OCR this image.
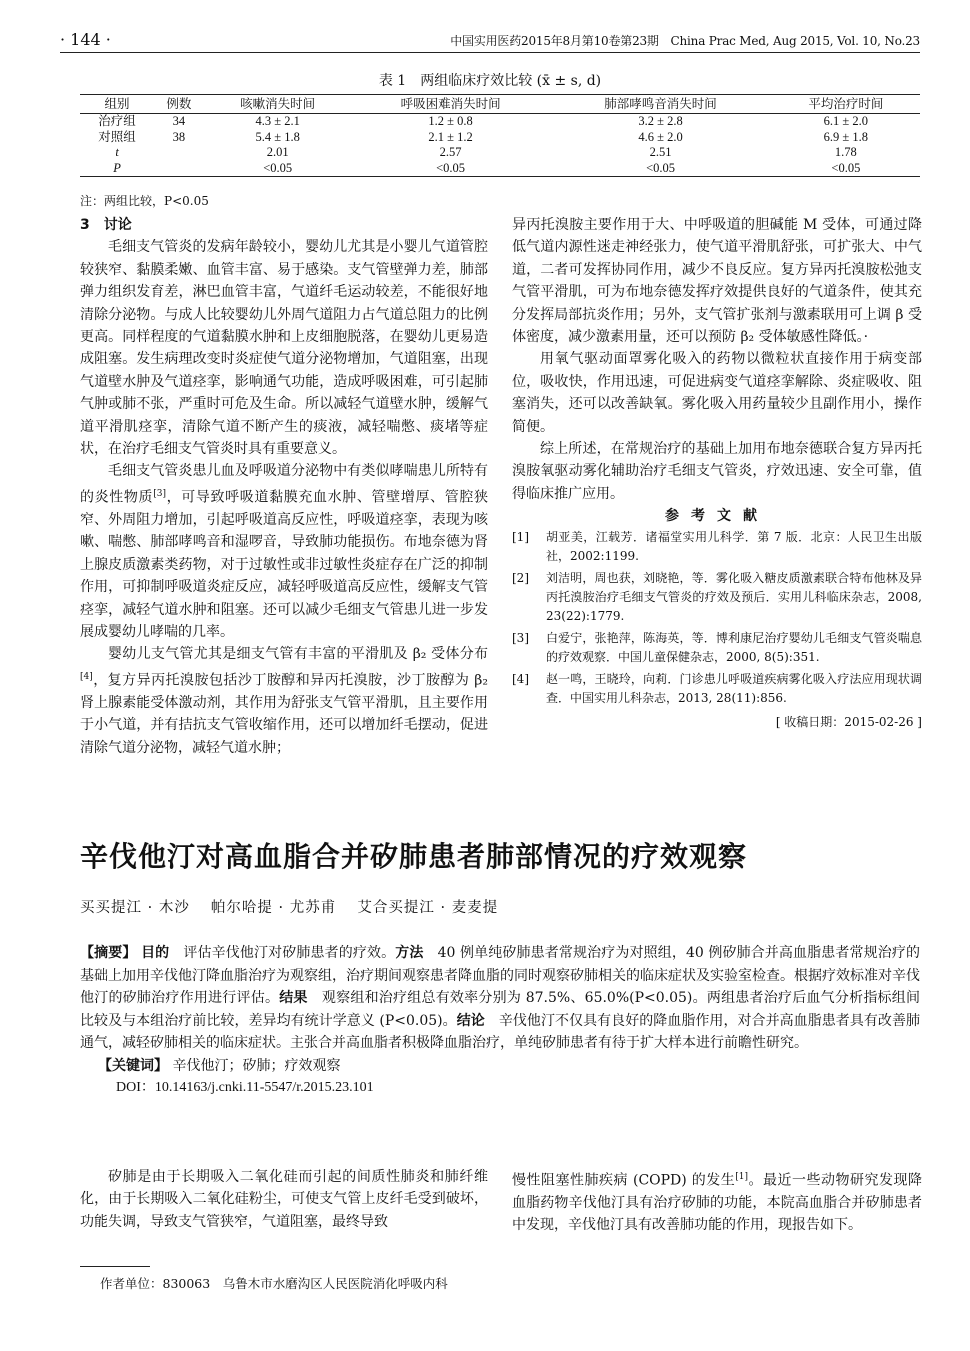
· 144 ·	中国实用医药2015年8月第10卷第23期　China Prac Med, Aug 2015, Vol. 10, No.23
表 1　两组临床疗效比较 (x̄ ± s, d)
组别	例数	咳嗽消失时间	呼吸困难消失时间	肺部哮鸣音消失时间	平均治疗时间
治疗组	34	4.3 ± 2.1	1.2 ± 0.8	3.2 ± 2.8	6.1 ± 2.0
对照组	38	5.4 ± 1.8	2.1 ± 1.2	4.6 ± 2.0	6.9 ± 1.8
t		2.01	2.57	2.51	1.78
P		<0.05	<0.05	<0.05	<0.05
注：两组比较，P<0.05

3　讨论

毛细支气管炎的发病年龄较小，婴幼儿尤其是小婴儿气道管腔较狭窄、黏膜柔嫩、血管丰富、易于感染。支气管壁弹力差，肺部弹力组织发育差，淋巴血管丰富，气道纤毛运动较差，不能很好地清除分泌物。与成人比较婴幼儿外周气道阻力占气道总阻力的比例更高。同样程度的气道黏膜水肿和上皮细胞脱落，在婴幼儿更易造成阻塞。发生病理改变时炎症使气道分泌物增加，气道阻塞，出现气道壁水肿及气道痉挛，影响通气功能，造成呼吸困难，可引起肺气肿或肺不张，严重时可危及生命。所以减轻气道壁水肿，缓解气道平滑肌痉挛，清除气道不断产生的痰液，减轻喘憋、痰堵等症状，在治疗毛细支气管炎时具有重要意义。

毛细支气管炎患儿血及呼吸道分泌物中有类似哮喘患儿所特有的炎性物质[3]，可导致呼吸道黏膜充血水肿、管壁增厚、管腔狭窄、外周阻力增加，引起呼吸道高反应性，呼吸道痉挛，表现为咳嗽、喘憋、肺部哮鸣音和湿啰音，导致肺功能损伤。布地奈德为肾上腺皮质激素类药物，对于过敏性或非过敏性炎症存在广泛的抑制作用，可抑制呼吸道炎症反应，减轻呼吸道高反应性，缓解支气管痉挛，减轻气道水肿和阻塞。还可以减少毛细支气管患儿进一步发展成婴幼儿哮喘的几率。

婴幼儿支气管尤其是细支气管有丰富的平滑肌及 β₂ 受体分布[4]，复方异丙托溴胺包括沙丁胺醇和异丙托溴胺，沙丁胺醇为 β₂ 肾上腺素能受体激动剂，其作用为舒张支气管平滑肌，且主要作用于小气道，并有拮抗支气管收缩作用，还可以增加纤毛摆动，促进清除气道分泌物，减轻气道水肿；

异丙托溴胺主要作用于大、中呼吸道的胆碱能 M 受体，可通过降低气道内源性迷走神经张力，使气道平滑肌舒张，可扩张大、中气道，二者可发挥协同作用，减少不良反应。复方异丙托溴胺松弛支气管平滑肌，可为布地奈德发挥疗效提供良好的气道条件，使其充分发挥局部抗炎作用；另外，支气管扩张剂与激素联用可上调 β 受体密度，减少激素用量，还可以预防 β₂ 受体敏感性降低。·

用氧气驱动面罩雾化吸入的药物以微粒状直接作用于病变部位，吸收快，作用迅速，可促进病变气道痉挛解除、炎症吸收、阻塞消失，还可以改善缺氧。雾化吸入用药量较少且副作用小，操作简便。

综上所述，在常规治疗的基础上加用布地奈德联合复方异丙托溴胺氧驱动雾化辅助治疗毛细支气管炎，疗效迅速、安全可靠，值得临床推广应用。

参考文献

[1]	胡亚美，江载芳．诸福堂实用儿科学．第 7 版．北京：人民卫生出版社，2002:1199.
[2]	刘洁明，周也获，刘晓艳，等．雾化吸入糖皮质激素联合特布他林及异丙托溴胺治疗毛细支气管炎的疗效及预后．实用儿科临床杂志，2008, 23(22):1779.
[3]	白爱宁，张艳萍，陈海英，等．博利康尼治疗婴幼儿毛细支气管炎喘息的疗效观察．中国儿童保健杂志，2000, 8(5):351.
[4]	赵一鸣，王晓玲，向莉．门诊患儿呼吸道疾病雾化吸入疗法应用现状调查．中国实用儿科杂志，2013, 28(11):856.
[ 收稿日期：2015-02-26 ]
辛伐他汀对高血脂合并矽肺患者肺部情况的疗效观察
买买提江 · 木沙　 帕尔哈提 · 尤苏甫　 艾合买提江 · 麦麦提

【摘要】 目的　评估辛伐他汀对矽肺患者的疗效。方法　40 例单纯矽肺患者常规治疗为对照组，40 例矽肺合并高血脂患者常规治疗的基础上加用辛伐他汀降血脂治疗为观察组，治疗期间观察患者降血脂的同时观察矽肺相关的临床症状及实验室检查。根据疗效标准对辛伐他汀的矽肺治疗作用进行评估。结果　观察组和治疗组总有效率分别为 87.5%、65.0%(P<0.05)。两组患者治疗后血气分析指标组间比较及与本组治疗前比较，差异均有统计学意义 (P<0.05)。结论　辛伐他汀不仅具有良好的降血脂作用，对合并高血脂患者具有改善肺通气，减轻矽肺相关的临床症状。主张合并高血脂者积极降血脂治疗，单纯矽肺患者有待于扩大样本进行前瞻性研究。

【关键词】 辛伐他汀；矽肺；疗效观察

DOI：10.14163/j.cnki.11-5547/r.2015.23.101

矽肺是由于长期吸入二氧化硅而引起的间质性肺炎和肺纤维化，由于长期吸入二氧化硅粉尘，可使支气管上皮纤毛受到破坏，功能失调，导致支气管狭窄，气道阻塞，最终导致

慢性阻塞性肺疾病 (COPD) 的发生[1]。最近一些动物研究发现降血脂药物辛伐他汀具有治疗矽肺的功能，本院高血脂合并矽肺患者中发现，辛伐他汀具有改善肺功能的作用，现报告如下。

作者单位：830063　乌鲁木市水磨沟区人民医院消化呼吸内科
